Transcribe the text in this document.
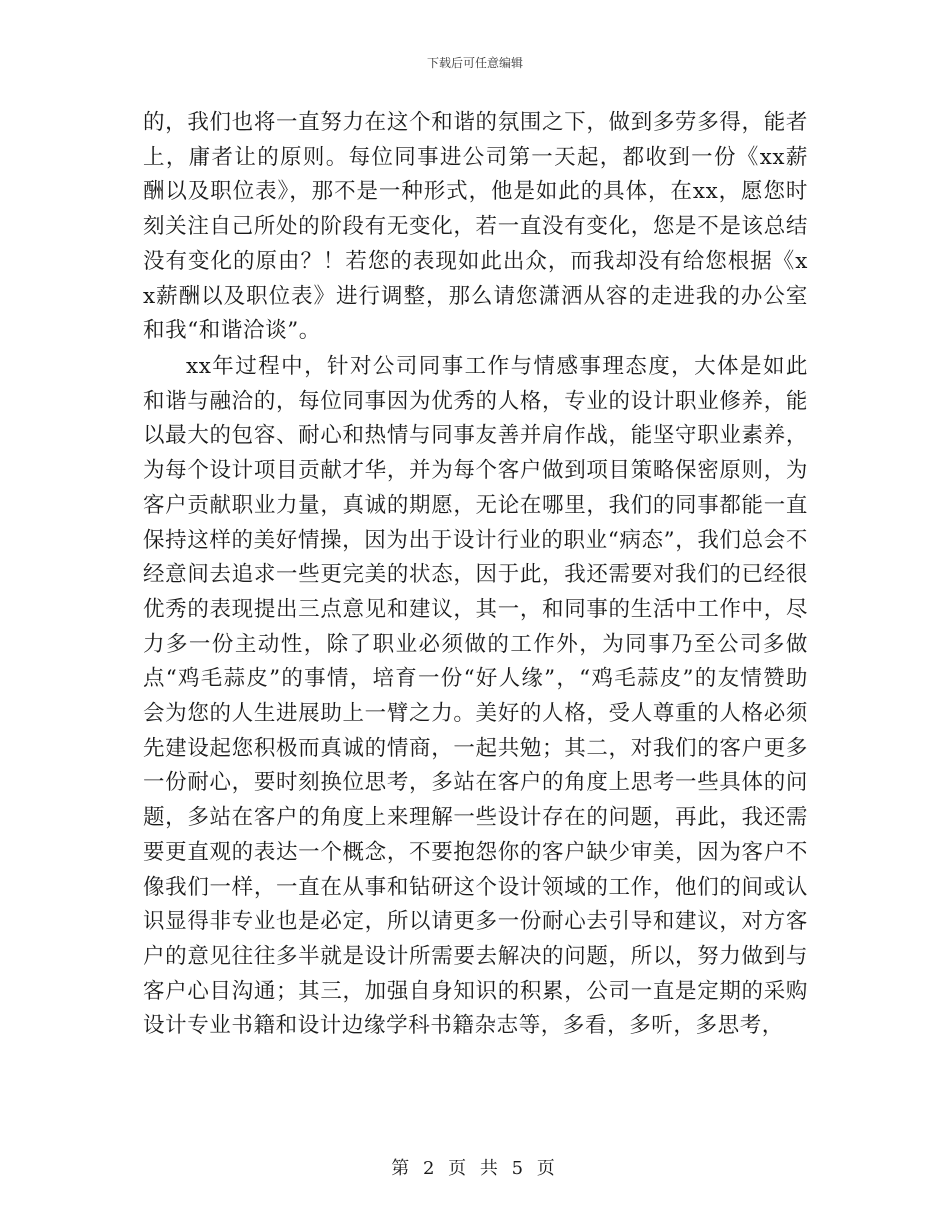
下载后可任意编辑

的，我们也将一直努力在这个和谐的氛围之下，做到多劳多得，能者上，庸者让的原则。每位同事进公司第一天起，都收到一份《xx薪酬以及职位表》，那不是一种形式，他是如此的具体，在xx，愿您时刻关注自己所处的阶段有无变化，若一直没有变化，您是不是该总结没有变化的原由？！若您的表现如此出众，而我却没有给您根据《xx薪酬以及职位表》进行调整，那么请您潇洒从容的走进我的办公室和我“和谐洽谈”。

xx年过程中，针对公司同事工作与情感事理态度，大体是如此和谐与融洽的，每位同事因为优秀的人格，专业的设计职业修养，能以最大的包容、耐心和热情与同事友善并肩作战，能坚守职业素养，为每个设计项目贡献才华，并为每个客户做到项目策略保密原则，为客户贡献职业力量，真诚的期愿，无论在哪里，我们的同事都能一直保持这样的美好情操，因为出于设计行业的职业“病态”，我们总会不经意间去追求一些更完美的状态，因于此，我还需要对我们的已经很优秀的表现提出三点意见和建议，其一，和同事的生活中工作中，尽力多一份主动性，除了职业必须做的工作外，为同事乃至公司多做点“鸡毛蒜皮”的事情，培育一份“好人缘”，“鸡毛蒜皮”的友情赞助会为您的人生进展助上一臂之力。美好的人格，受人尊重的人格必须先建设起您积极而真诚的情商，一起共勉；其二，对我们的客户更多一份耐心，要时刻换位思考，多站在客户的角度上思考一些具体的问题，多站在客户的角度上来理解一些设计存在的问题，再此，我还需要更直观的表达一个概念，不要抱怨你的客户缺少审美，因为客户不像我们一样，一直在从事和钻研这个设计领域的工作，他们的间或认识显得非专业也是必定，所以请更多一份耐心去引导和建议，对方客户的意见往往多半就是设计所需要去解决的问题，所以，努力做到与客户心目沟通；其三，加强自身知识的积累，公司一直是定期的采购设计专业书籍和设计边缘学科书籍杂志等，多看，多听，多思考，

第 2 页 共 5 页
